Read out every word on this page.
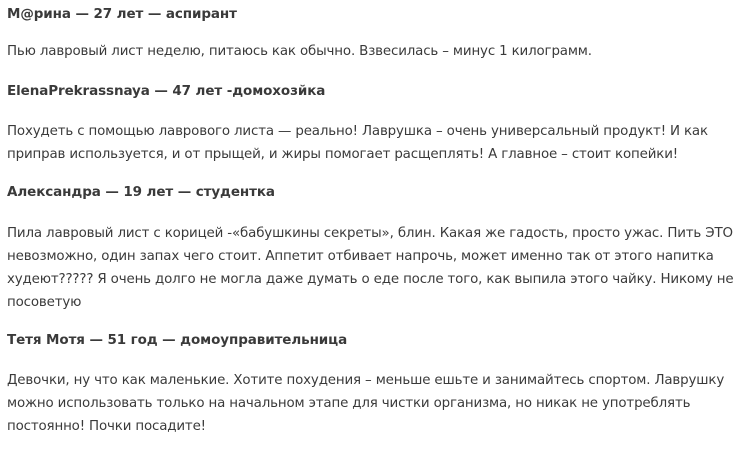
M@рина — 27 лет — аспирант

Пью лавровый лист неделю, питаюсь как обычно. Взвесилась – минус 1 килограмм.

ElenaPrekrassnaya — 47 лет -домохозйка

Похудеть с помощью лаврового листа — реально! Лаврушка – очень универсальный продукт! И как
приправ используется, и от прыщей, и жиры помогает расщеплять! А главное – стоит копейки!

Александра — 19 лет — студентка

Пила лавровый лист с корицей -«бабушкины секреты», блин. Какая же гадость, просто ужас. Пить ЭТО
невозможно, один запах чего стоит. Аппетит отбивает напрочь, может именно так от этого напитка
худеют????? Я очень долго не могла даже думать о еде после того, как выпила этого чайку. Никому не
посоветую

Тетя Мотя — 51 год — домоуправительница

Девочки, ну что как маленькие. Хотите похудения – меньше ешьте и занимайтесь спортом. Лаврушку
можно использовать только на начальном этапе для чистки организма, но никак не употреблять
постоянно! Почки посадите!
